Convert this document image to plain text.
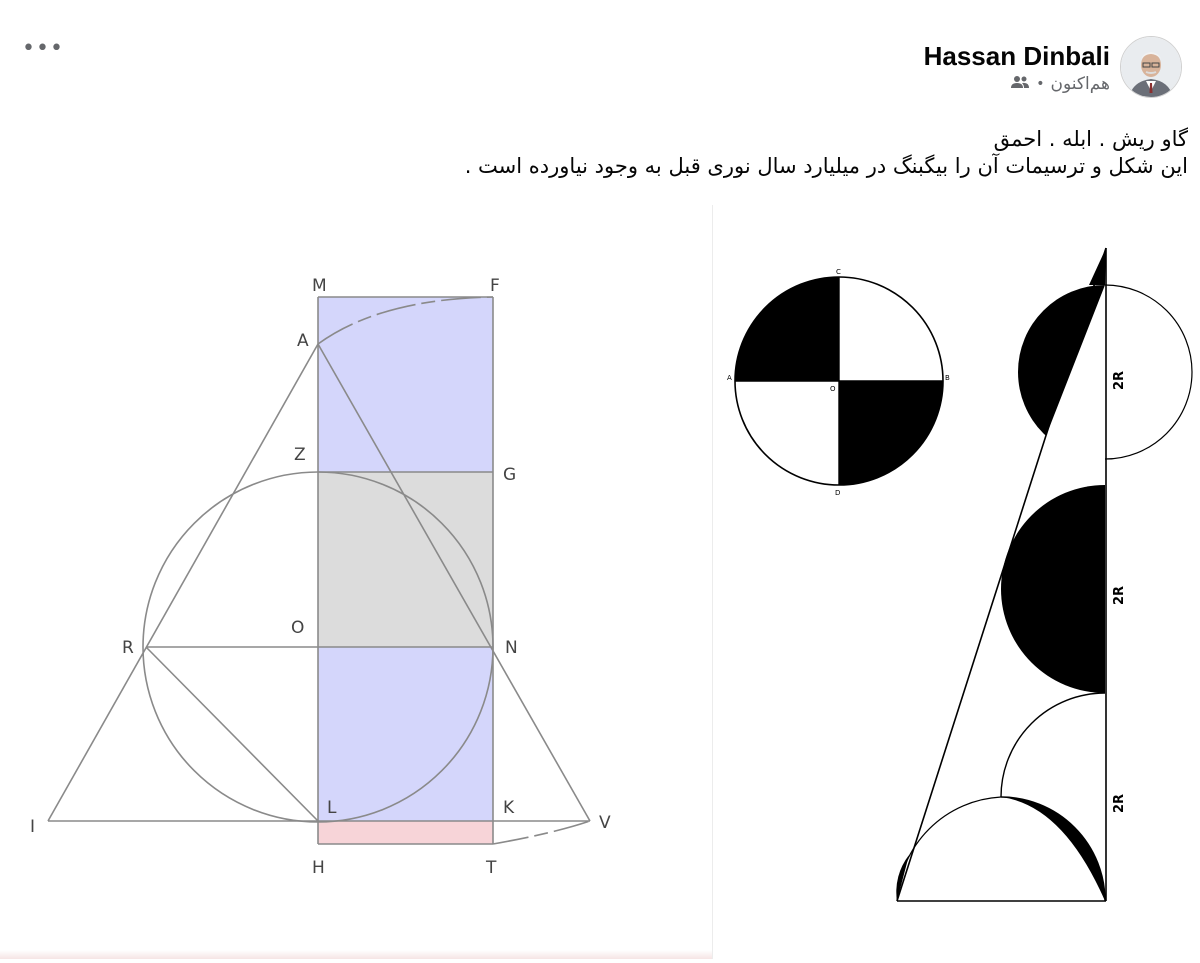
•••	Hassan Dinbali
هم‌اکنون
•
گاو ریش . ابله . احمق
این شکل و ترسیمات آن را بیگبنگ در میلیارد سال نوری قبل به وجود نیاورده است .
M	F
A
Z
G
O
R	N
I
L	K
V
H	T
C
A
O
B
D
2R
2R
2R
